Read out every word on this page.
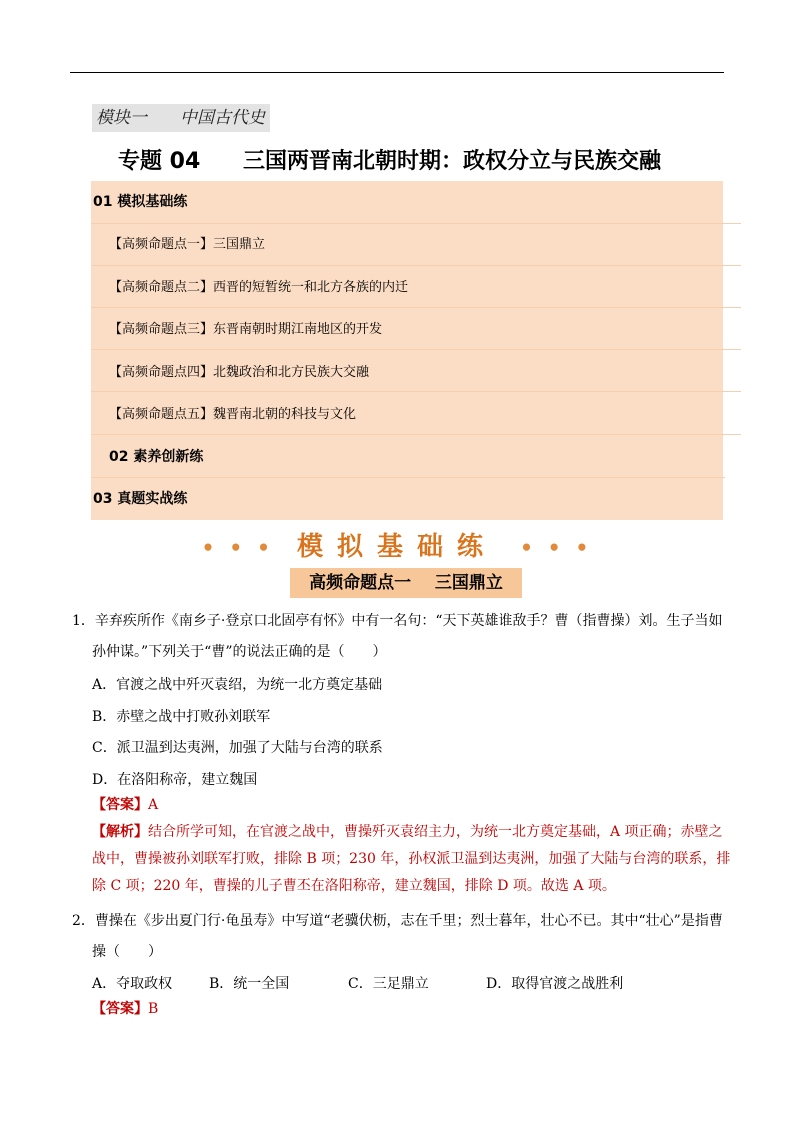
模块一 中国古代史
专题 04 三国两晋南北朝时期：政权分立与民族交融
01 模拟基础练
【高频命题点一】三国鼎立
【高频命题点二】西晋的短暂统一和北方各族的内迁
【高频命题点三】东晋南朝时期江南地区的开发
【高频命题点四】北魏政治和北方民族大交融
【高频命题点五】魏晋南北朝的科技与文化
02 素养创新练
03 真题实战练
• • • 模拟基础练 • • •
高频命题点一    三国鼎立
1．辛弃疾所作《南乡子·登京口北固亭有怀》中有一名句：“天下英雄谁敌手？曹（指曹操）刘。生子当如
孙仲谋。”下列关于“曹”的说法正确的是（　　）
A．官渡之战中歼灭袁绍，为统一北方奠定基础
B．赤壁之战中打败孙刘联军
C．派卫温到达夷洲，加强了大陆与台湾的联系
D．在洛阳称帝，建立魏国
【答案】A
【解析】结合所学可知，在官渡之战中，曹操歼灭袁绍主力，为统一北方奠定基础，A 项正确；赤壁之
战中，曹操被孙刘联军打败，排除 B 项；230 年，孙权派卫温到达夷洲，加强了大陆与台湾的联系，排
除 C 项；220 年，曹操的儿子曹丕在洛阳称帝，建立魏国，排除 D 项。故选 A 项。
2．曹操在《步出夏门行·龟虽寿》中写道“老骥伏枥，志在千里；烈士暮年，壮心不已。其中“壮心”是指曹
操（　　）
A．夺取政权	B．统一全国	C．三足鼎立	D．取得官渡之战胜利
【答案】B
